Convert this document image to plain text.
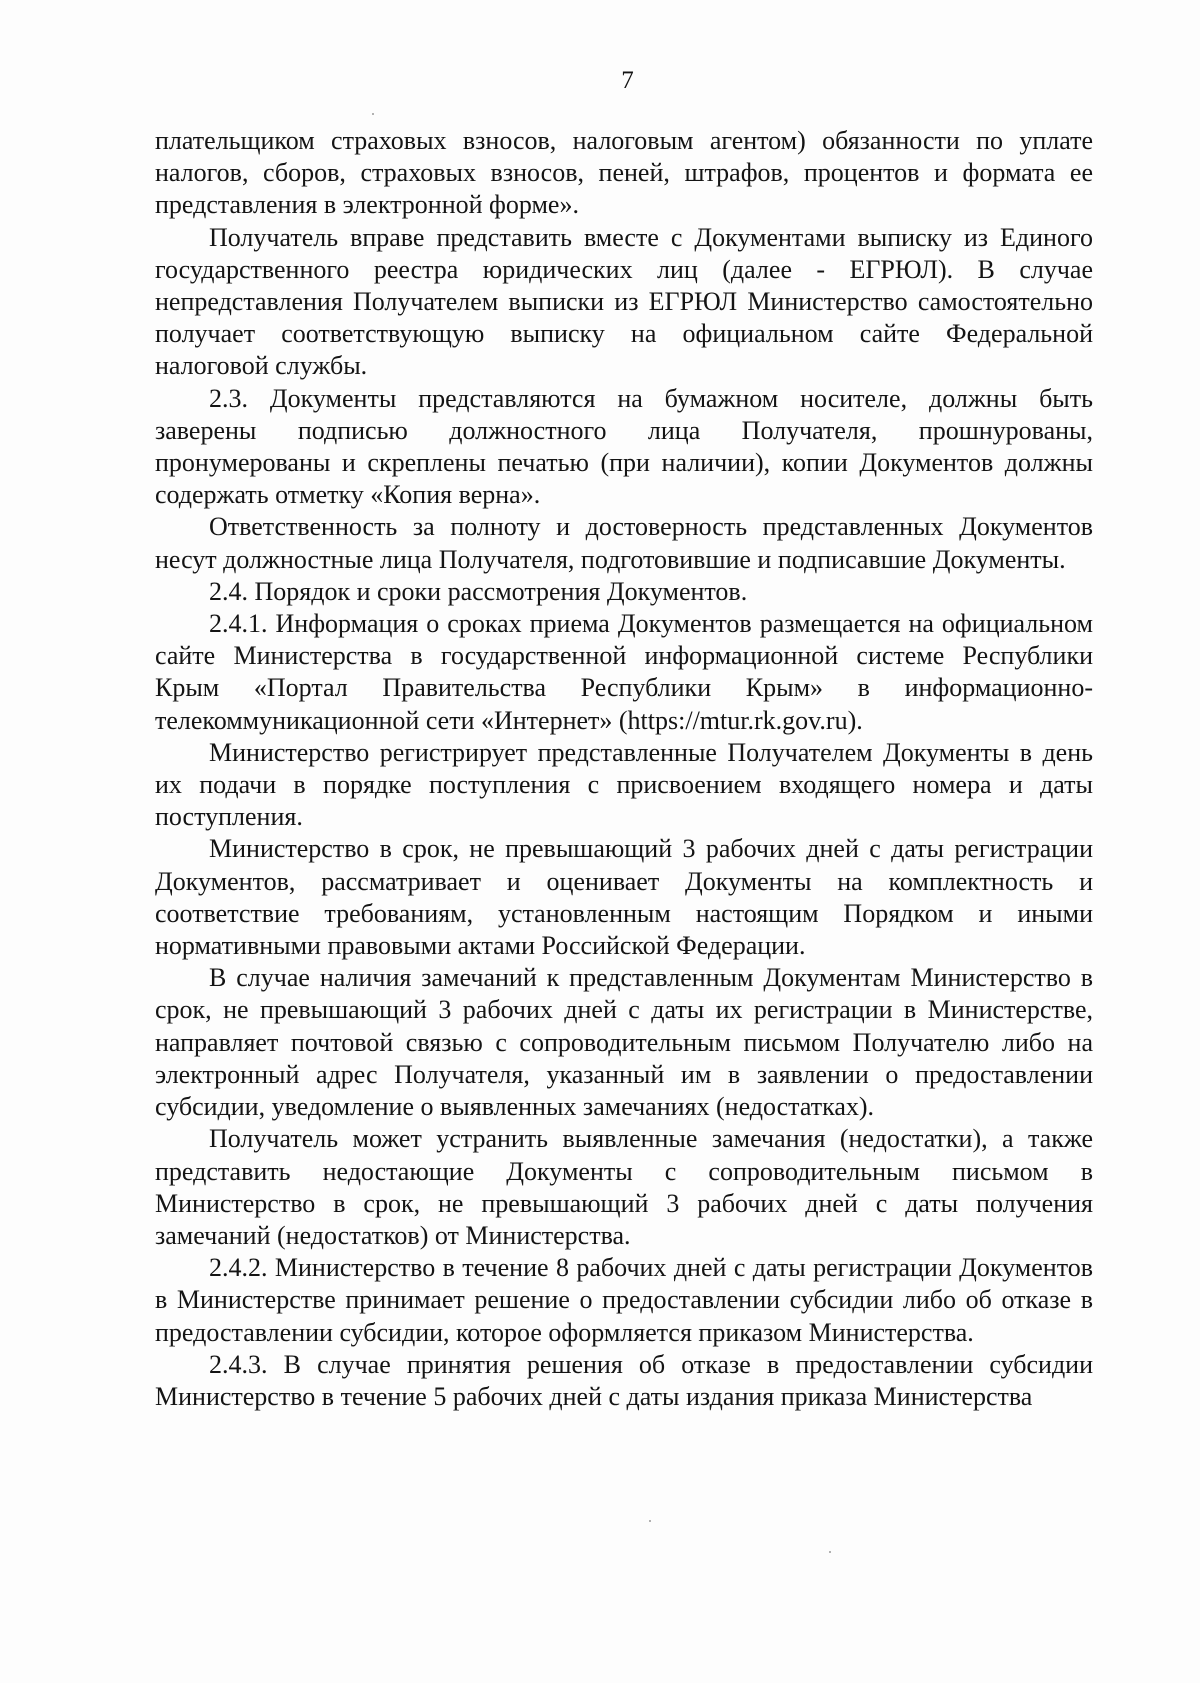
7

плательщиком страховых взносов, налоговым агентом) обязанности по уплате налогов, сборов, страховых взносов, пеней, штрафов, процентов и формата ее представления в электронной форме».

Получатель вправе представить вместе с Документами выписку из Единого государственного реестра юридических лиц (далее - ЕГРЮЛ). В случае непредставления Получателем выписки из ЕГРЮЛ Министерство самостоятельно получает соответствующую выписку на официальном сайте Федеральной налоговой службы.

2.3. Документы представляются на бумажном носителе, должны быть заверены подписью должностного лица Получателя, прошнурованы, пронумерованы и скреплены печатью (при наличии), копии Документов должны содержать отметку «Копия верна».

Ответственность за полноту и достоверность представленных Документов несут должностные лица Получателя, подготовившие и подписавшие Документы.

2.4. Порядок и сроки рассмотрения Документов.

2.4.1. Информация о сроках приема Документов размещается на официальном сайте Министерства в государственной информационной системе Республики Крым «Портал Правительства Республики Крым» в информационно-телекоммуникационной сети «Интернет» (https://mtur.rk.gov.ru).

Министерство регистрирует представленные Получателем Документы в день их подачи в порядке поступления с присвоением входящего номера и даты поступления.

Министерство в срок, не превышающий 3 рабочих дней с даты регистрации Документов, рассматривает и оценивает Документы на комплектность и соответствие требованиям, установленным настоящим Порядком и иными нормативными правовыми актами Российской Федерации.

В случае наличия замечаний к представленным Документам Министерство в срок, не превышающий 3 рабочих дней с даты их регистрации в Министерстве, направляет почтовой связью с сопроводительным письмом Получателю либо на электронный адрес Получателя, указанный им в заявлении о предоставлении субсидии, уведомление о выявленных замечаниях (недостатках).

Получатель может устранить выявленные замечания (недостатки), а также представить недостающие Документы с сопроводительным письмом в Министерство в срок, не превышающий 3 рабочих дней с даты получения замечаний (недостатков) от Министерства.

2.4.2. Министерство в течение 8 рабочих дней с даты регистрации Документов в Министерстве принимает решение о предоставлении субсидии либо об отказе в предоставлении субсидии, которое оформляется приказом Министерства.

2.4.3. В случае принятия решения об отказе в предоставлении субсидии Министерство в течение 5 рабочих дней с даты издания приказа Министерства
